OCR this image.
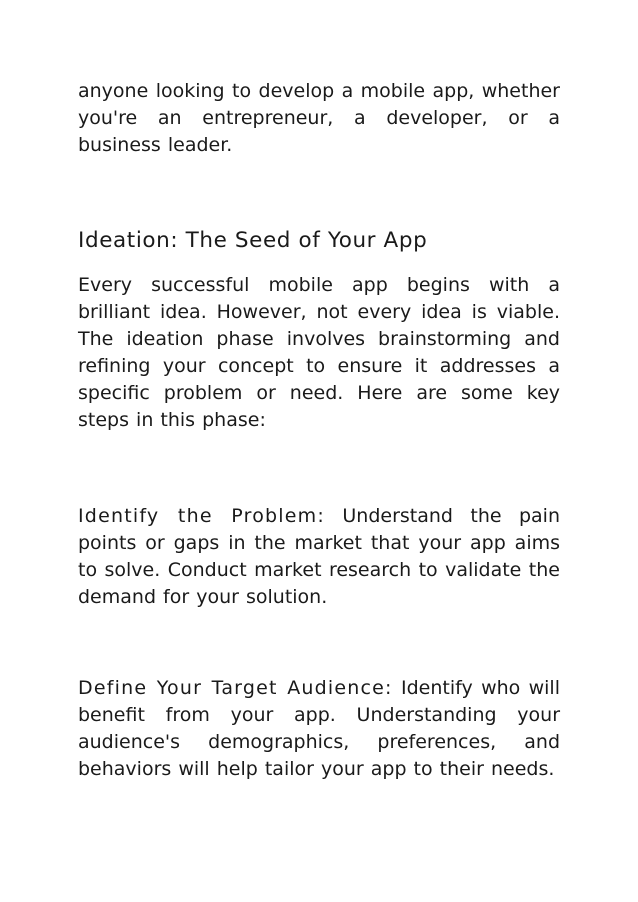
anyone looking to develop a mobile app, whether you're an entrepreneur, a developer, or a business leader.

Ideation: The Seed of Your App

Every successful mobile app begins with a brilliant idea. However, not every idea is viable. The ideation phase involves brainstorming and refining your concept to ensure it addresses a specific problem or need. Here are some key steps in this phase:

Identify the Problem: Understand the pain points or gaps in the market that your app aims to solve. Conduct market research to validate the demand for your solution.

Define Your Target Audience: Identify who will benefit from your app. Understanding your audience's demographics, preferences, and behaviors will help tailor your app to their needs.
